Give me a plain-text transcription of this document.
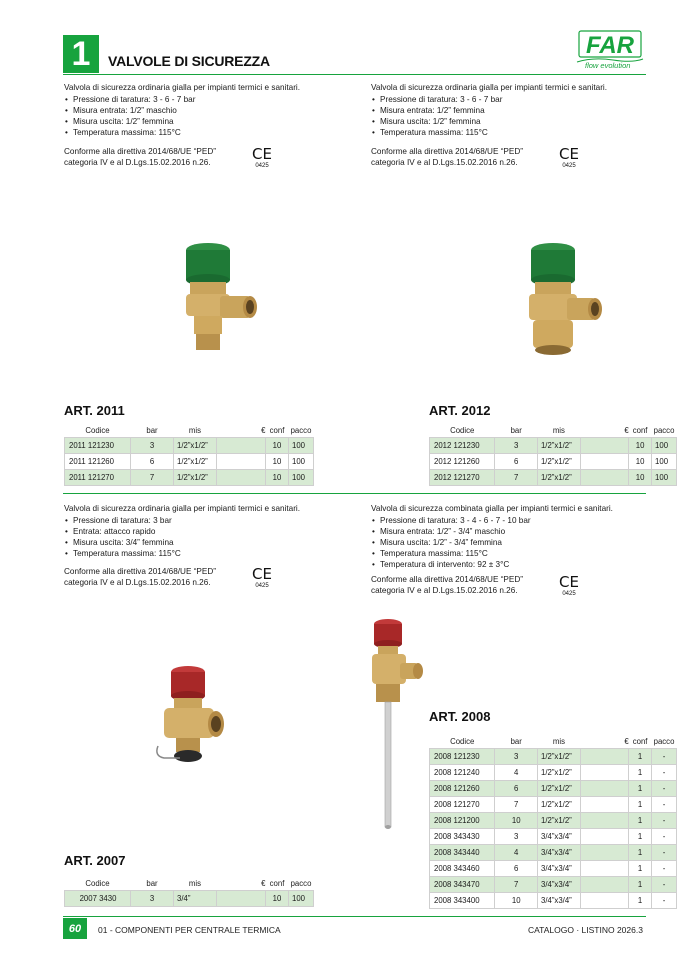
1	VALVOLE DI SICUREZZA
FAR
flow evolution
Valvola di sicurezza ordinaria gialla per impianti termici e sanitari.
• Pressione di taratura: 3 - 6 - 7 bar
• Misura entrata: 1/2” maschio
• Misura uscita: 1/2” femmina
• Temperatura massima: 115°C
Conforme alla direttiva 2014/68/UE “PED”
categoria IV e al D.Lgs.15.02.2016 n.26.	CE
0425
ART. 2011
Codice	bar	mis	€	conf	pacco
2011 121230	3	1/2”x1/2”		10	100
2011 121260	6	1/2”x1/2”		10	100
2011 121270	7	1/2”x1/2”		10	100
Valvola di sicurezza ordinaria gialla per impianti termici e sanitari.
• Pressione di taratura: 3 - 6 - 7 bar
• Misura entrata: 1/2” femmina
• Misura uscita: 1/2” femmina
• Temperatura massima: 115°C
Conforme alla direttiva 2014/68/UE “PED”
categoria IV e al D.Lgs.15.02.2016 n.26.	CE
0425
ART. 2012
Codice	bar	mis	€	conf	pacco
2012 121230	3	1/2”x1/2”		10	100
2012 121260	6	1/2”x1/2”		10	100
2012 121270	7	1/2”x1/2”		10	100
Valvola di sicurezza ordinaria gialla per impianti termici e sanitari.
• Pressione di taratura: 3 bar
• Entrata: attacco rapido
• Misura uscita: 3/4” femmina
• Temperatura massima: 115°C
Conforme alla direttiva 2014/68/UE “PED”
categoria IV e al D.Lgs.15.02.2016 n.26.	CE
0425
ART. 2007
Codice	bar	mis	€	conf	pacco
2007 3430	3	3/4”		10	100
Valvola di sicurezza combinata gialla per impianti termici e sanitari.
• Pressione di taratura: 3 - 4 - 6 - 7 - 10 bar
• Misura entrata: 1/2” - 3/4” maschio
• Misura uscita: 1/2” - 3/4” femmina
• Temperatura massima: 115°C
• Temperatura di intervento: 92 ± 3°C
Conforme alla direttiva 2014/68/UE “PED”
categoria IV e al D.Lgs.15.02.2016 n.26.	CE
0425
ART. 2008
Codice	bar	mis	€	conf	pacco
2008 121230	3	1/2”x1/2”		1	-
2008 121240	4	1/2”x1/2”		1	-
2008 121260	6	1/2”x1/2”		1	-
2008 121270	7	1/2”x1/2”		1	-
2008 121200	10	1/2”x1/2”		1	-
2008 343430	3	3/4”x3/4”		1	-
2008 343440	4	3/4”x3/4”		1	-
2008 343460	6	3/4”x3/4”		1	-
2008 343470	7	3/4”x3/4”		1	-
2008 343400	10	3/4”x3/4”		1	-
60	01 - COMPONENTI PER CENTRALE TERMICA	CATALOGO · LISTINO 2026.3
